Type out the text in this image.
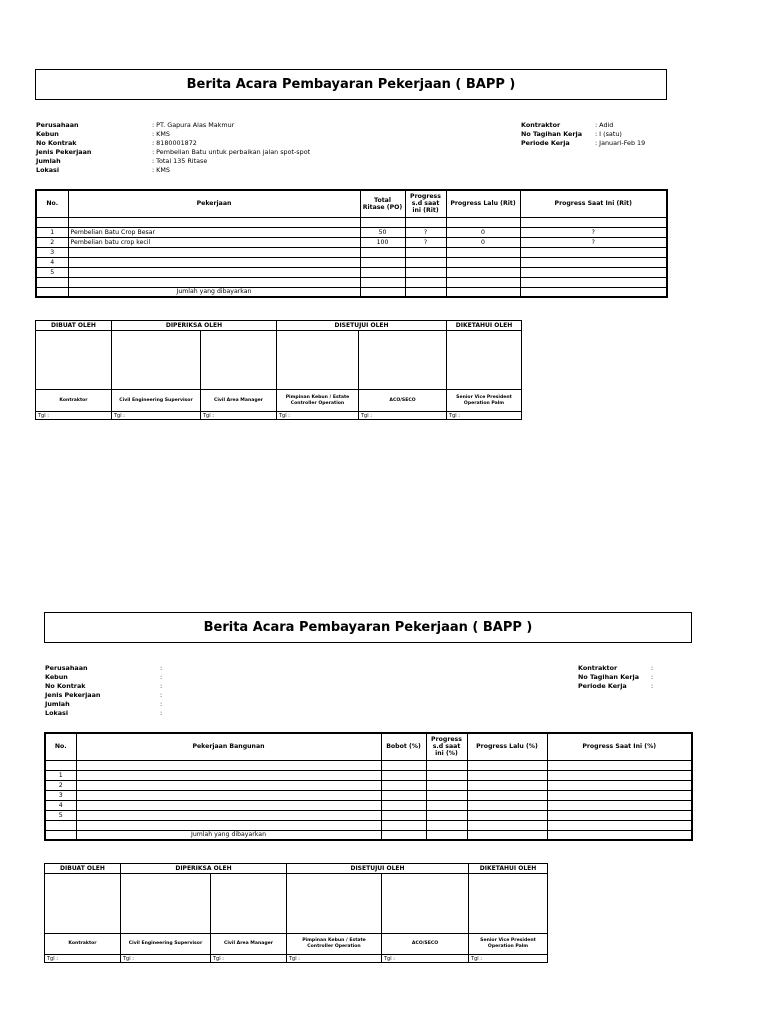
Berita Acara Pembayaran Pekerjaan ( BAPP )
Perusahaan	: PT. Gapura Alas Makmur
Kebun	: KMS
No Kontrak	: 8180001872
Jenis Pekerjaan	: Pembelian Batu untuk perbaikan jalan spot-spot
Jumlah	: Total 135 Ritase
Lokasi	: KMS
Kontraktor	: Adid
No Tagihan Kerja	: I (satu)
Periode Kerja	: Januari-Feb 19
No.	Pekerjaan	Total Ritase (PO)	Progress s.d saat ini (Rit)	Progress Lalu (Rit)	Progress Saat Ini (Rit)

1	Pembelian Batu Crop Besar	50	?	0	?
2	Pembelian batu crop kecil	100	?	0	?
3					
4					
5					

	Jumlah yang dibayarkan				
DIBUAT OLEH	DIPERIKSA OLEH		DISETUJUI OLEH		DIKETAHUI OLEH

Kontraktor	Civil Engineering Supervisor	Civil Area Manager	Pimpinan Kebun / Estate Controller Operation	ACO/SECO	Senior Vice President Operation Palm
Tgl :	Tgl :	Tgl :	Tgl :	Tgl :	Tgl :
Berita Acara Pembayaran Pekerjaan ( BAPP )
Perusahaan	:
Kebun	:
No Kontrak	:
Jenis Pekerjaan	:
Jumlah	:
Lokasi	:
Kontraktor	:
No Tagihan Kerja	:
Periode Kerja	:
No.	Pekerjaan Bangunan	Bobot (%)	Progress s.d saat ini (%)	Progress Lalu (%)	Progress Saat Ini (%)

1					
2					
3					
4					
5					

	Jumlah yang dibayarkan				
DIBUAT OLEH	DIPERIKSA OLEH		DISETUJUI OLEH		DIKETAHUI OLEH

Kontraktor	Civil Engineering Supervisor	Civil Area Manager	Pimpinan Kebun / Estate Controller Operation	ACO/SECO	Senior Vice President Operation Palm
Tgl :	Tgl :	Tgl :	Tgl :	Tgl :	Tgl :
